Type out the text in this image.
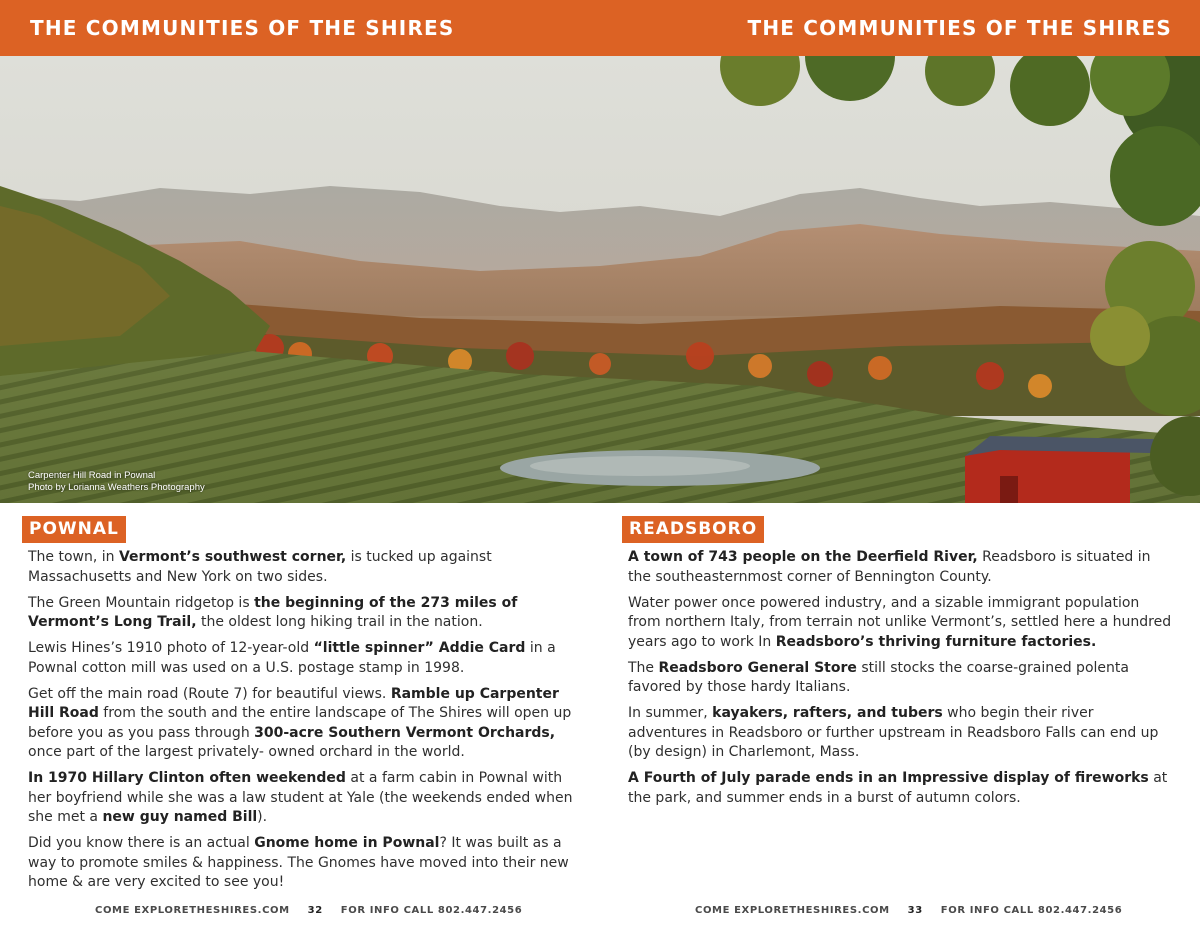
THE COMMUNITIES OF THE SHIRES	THE COMMUNITIES OF THE SHIRES
Carpenter Hill Road in Pownal
Photo by Lorianna Weathers Photography
POWNAL

The town, in Vermont’s southwest corner, is tucked up against Massachusetts and New York on two sides.

The Green Mountain ridgetop is the beginning of the 273 miles of Vermont’s Long Trail, the oldest long hiking trail in the nation.

Lewis Hines’s 1910 photo of 12-year-old “little spinner” Addie Card in a Pownal cotton mill was used on a U.S. postage stamp in 1998.

Get off the main road (Route 7) for beautiful views. Ramble up Carpenter Hill Road from the south and the entire landscape of The Shires will open up before you as you pass through 300-acre Southern Vermont Orchards, once part of the largest privately- owned orchard in the world.

In 1970 Hillary Clinton often weekended at a farm cabin in Pownal with her boyfriend while she was a law student at Yale (the weekends ended when she met a new guy named Bill).

Did you know there is an actual Gnome home in Pownal? It was built as a way to promote smiles & happiness. The Gnomes have moved into their new home & are very excited to see you!

READSBORO

A town of 743 people on the Deerfield River, Readsboro is situated in the southeasternmost corner of Bennington County.

Water power once powered industry, and a sizable immigrant population from northern Italy, from terrain not unlike Vermont’s, settled here a hundred years ago to work In Readsboro’s thriving furniture factories.

The Readsboro General Store still stocks the coarse-grained polenta favored by those hardy Italians.

In summer, kayakers, rafters, and tubers who begin their river adventures in Readsboro or further upstream in Readsboro Falls can end up (by design) in Charlemont, Mass.

A Fourth of July parade ends in an Impressive display of fireworks at the park, and summer ends in a burst of autumn colors.

COME EXPLORETHESHIRES.COM 32 FOR INFO CALL 802.447.2456	COME EXPLORETHESHIRES.COM 33 FOR INFO CALL 802.447.2456
